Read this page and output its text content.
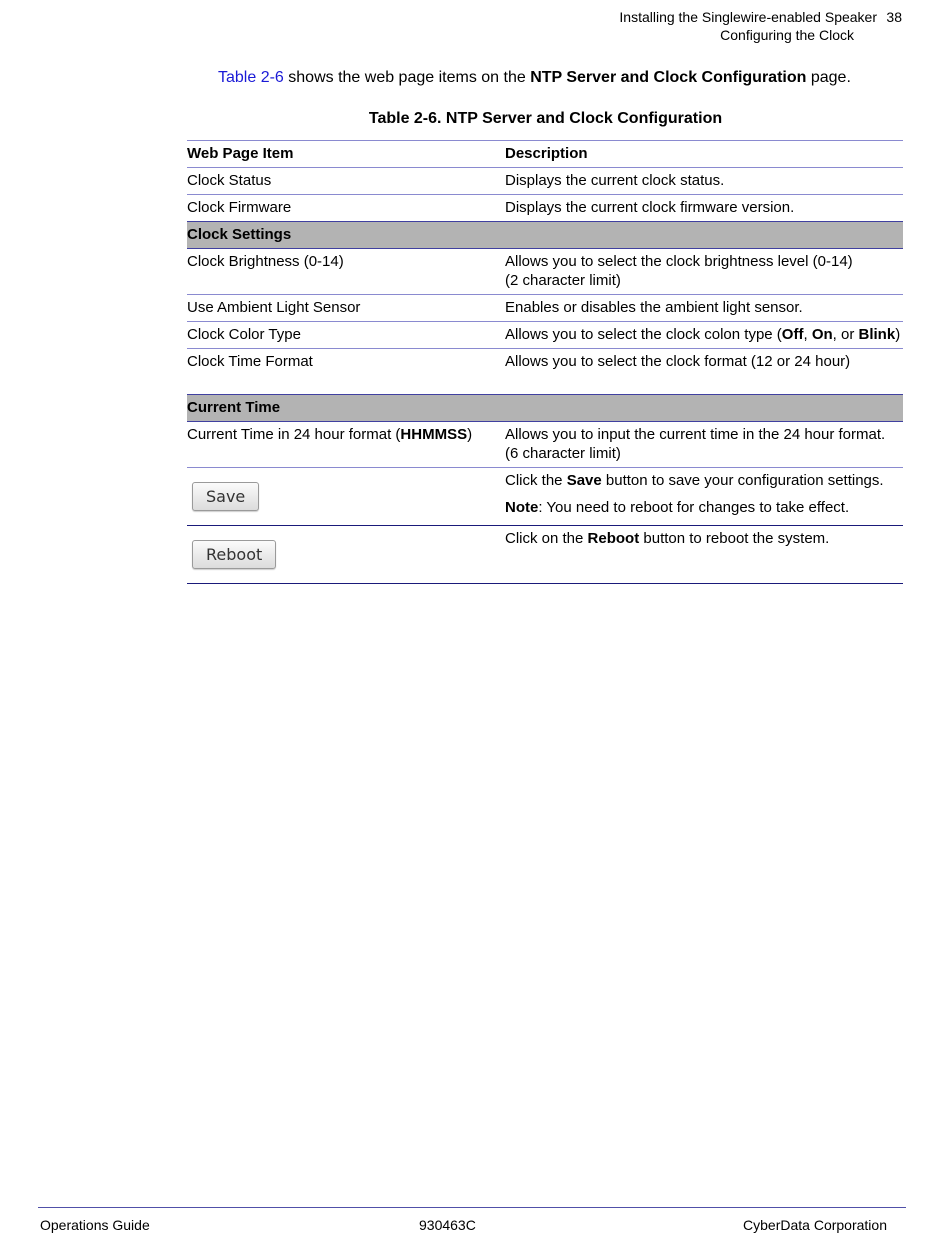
Installing the Singlewire-enabled Speaker 38
Configuring the Clock
Table 2-6 shows the web page items on the NTP Server and Clock Configuration page.
Table 2-6. NTP Server and Clock Configuration
Web Page Item	Description
Clock Status	Displays the current clock status.
Clock Firmware	Displays the current clock firmware version.
Clock Settings	
Clock Brightness (0-14)	Allows you to select the clock brightness level (0-14)
(2 character limit)

Use Ambient Light Sensor	Enables or disables the ambient light sensor.
Clock Color Type	Allows you to select the clock colon type (Off, On, or Blink)
Clock Time Format	Allows you to select the clock format (12 or 24 hour)
Current Time	
Current Time in 24 hour format (HHMMSS)	Allows you to input the current time in the 24 hour format.
(6 character limit)

Save	Click the Save button to save your configuration settings.
Note: You need to reboot for changes to take effect.

Reboot	Click on the Reboot button to reboot the system.
Operations Guide	930463C	CyberData Corporation
